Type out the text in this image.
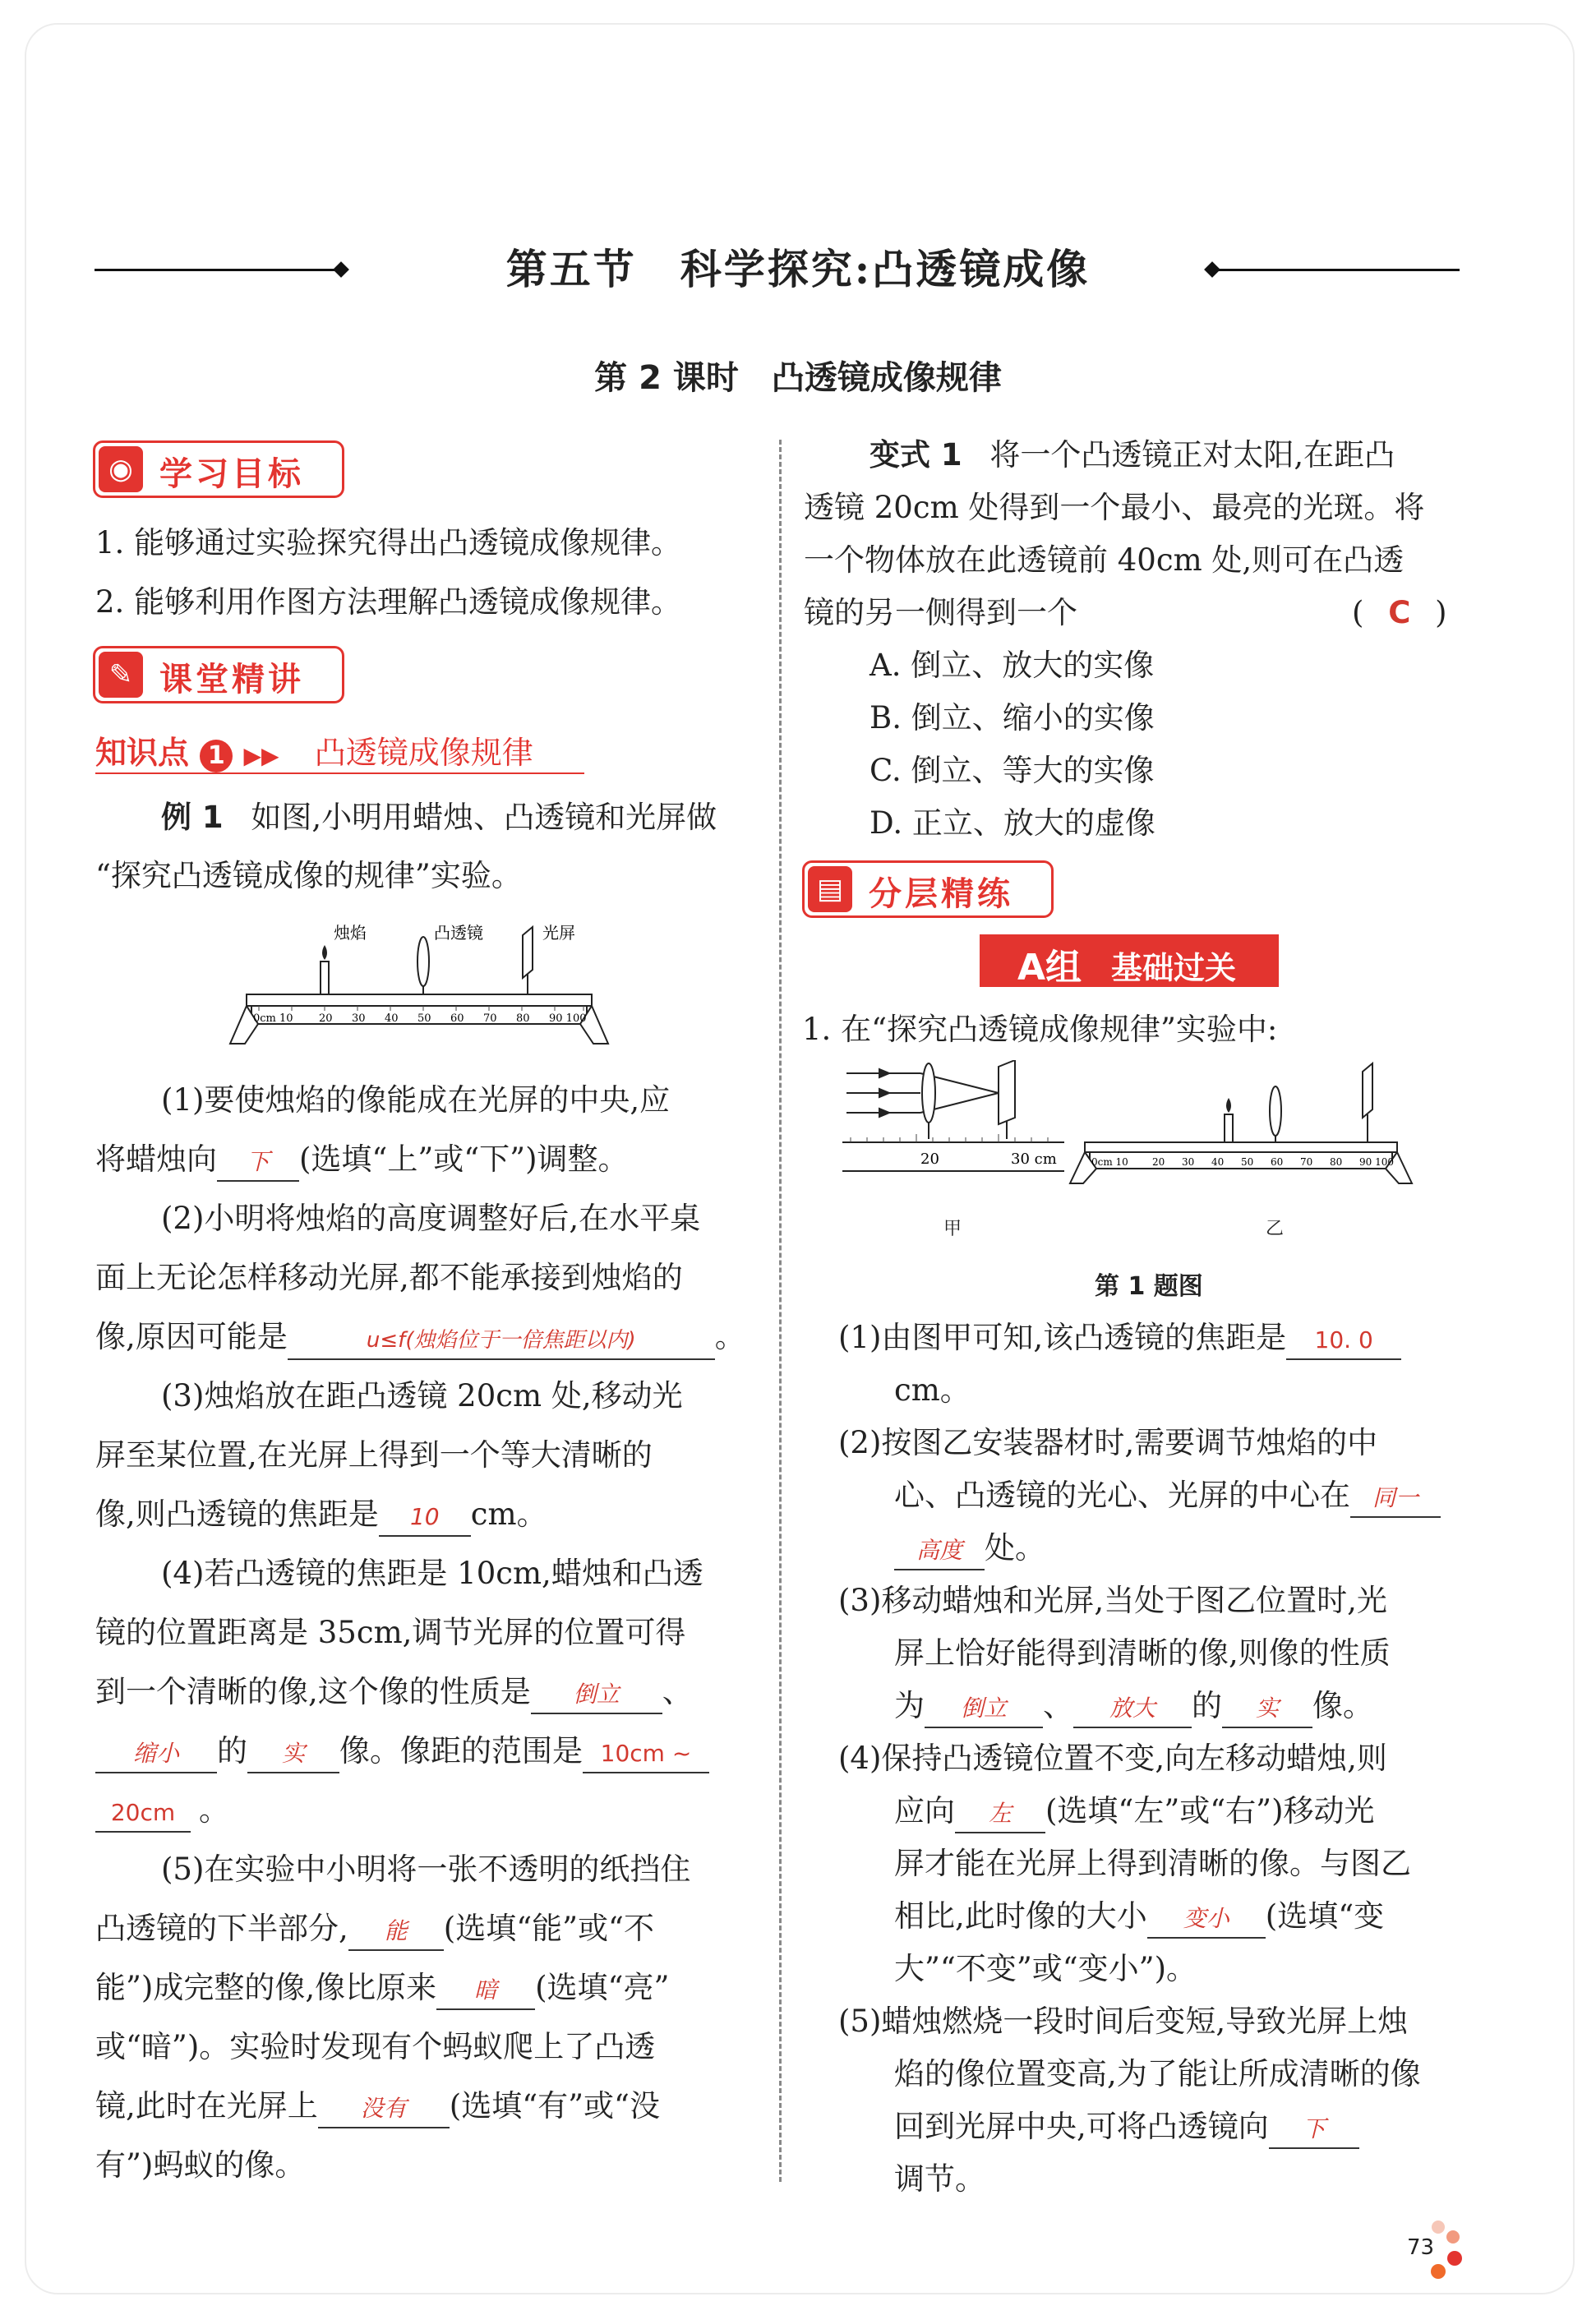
第五节　科学探究:凸透镜成像
第 2 课时　凸透镜成像规律
◉ 学习目标
1. 能够通过实验探究得出凸透镜成像规律。
2. 能够利用作图方法理解凸透镜成像规律。
✎ 课堂精讲
知识点 1 ▶▶ 凸透镜成像规律
例 1 如图,小明用蜡烛、凸透镜和光屏做
“探究凸透镜成像的规律”实验。
0cm 10 20 30 40 50 60 70 80 90 100
烛焰	凸透镜	光屏
(1)要使烛焰的像能成在光屏的中央,应
将蜡烛向 下 (选填“上”或“下”)调整。
(2)小明将烛焰的高度调整好后,在水平桌
面上无论怎样移动光屏,都不能承接到烛焰的
像,原因可能是	u≤f(烛焰位于一倍焦距以内)	。
(3)烛焰放在距凸透镜 20cm 处,移动光
屏至某位置,在光屏上得到一个等大清晰的
像,则凸透镜的焦距是 10 cm。
(4)若凸透镜的焦距是 10cm,蜡烛和凸透
镜的位置距离是 35cm,调节光屏的位置可得
到一个清晰的像,这个像的性质是 倒立 、
缩小 的 实 像。像距的范围是 10cm ~
20cm 。
(5)在实验中小明将一张不透明的纸挡住
凸透镜的下半部分, 能 (选填“能”或“不
能”)成完整的像,像比原来 暗 (选填“亮”
或“暗”)。实验时发现有个蚂蚁爬上了凸透
镜,此时在光屏上 没有 (选填“有”或“没
有”)蚂蚁的像。
变式 1 将一个凸透镜正对太阳,在距凸
透镜 20cm 处得到一个最小、最亮的光斑。将
一个物体放在此透镜前 40cm 处,则可在凸透
镜的另一侧得到一个	( C )
A. 倒立、放大的实像
B. 倒立、缩小的实像
C. 倒立、等大的实像
D. 正立、放大的虚像
▤ 分层精练
A组 基础过关
1. 在“探究凸透镜成像规律”实验中:
20	30 cm
甲
0cm 10 20 30 40 50 60 70 80 90 100
乙
第 1 题图
(1)由图甲可知,该凸透镜的焦距是 10. 0
cm。
(2)按图乙安装器材时,需要调节烛焰的中
心、凸透镜的光心、光屏的中心在 同一
高度 处。
(3)移动蜡烛和光屏,当处于图乙位置时,光
屏上恰好能得到清晰的像,则像的性质
为 倒立 、 放大 的 实 像。
(4)保持凸透镜位置不变,向左移动蜡烛,则
应向 左 (选填“左”或“右”)移动光
屏才能在光屏上得到清晰的像。与图乙
相比,此时像的大小 变小 (选填“变
大”“不变”或“变小”)。
(5)蜡烛燃烧一段时间后变短,导致光屏上烛
焰的像位置变高,为了能让所成清晰的像
回到光屏中央,可将凸透镜向 下
调节。
73
